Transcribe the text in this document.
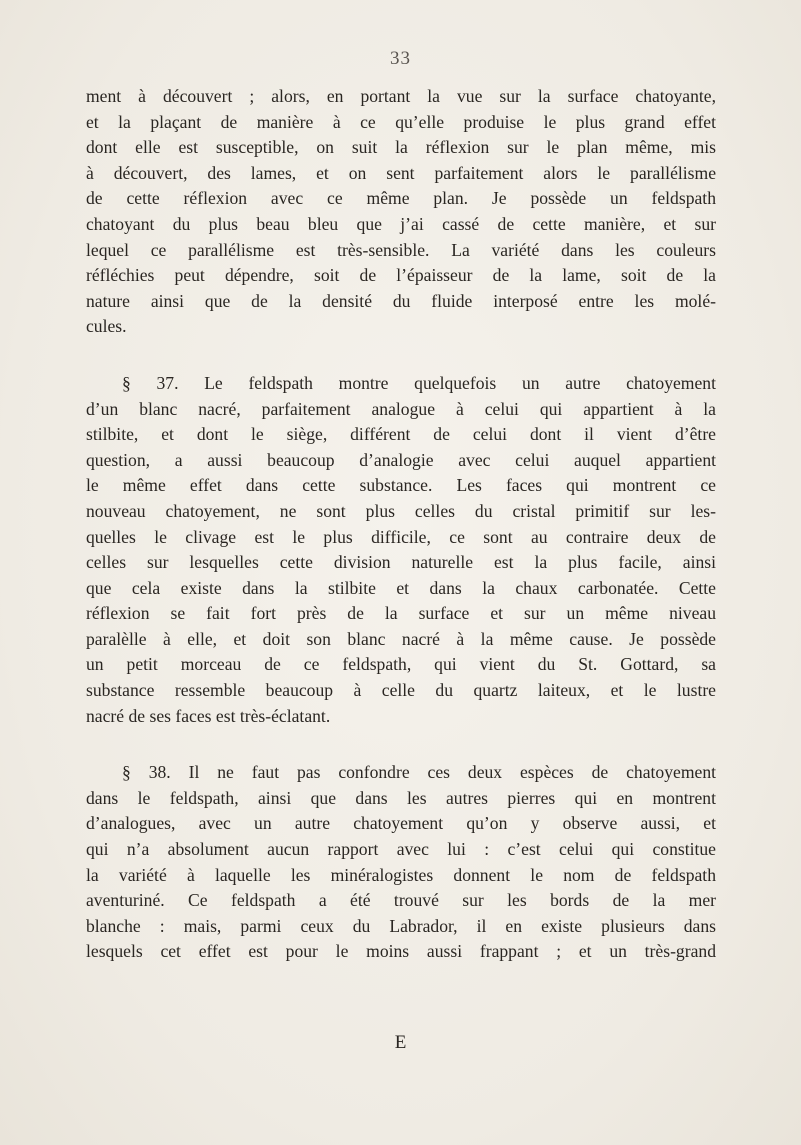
33
ment à découvert ; alors, en portant la vue sur la surface chatoyante,
et la plaçant de manière à ce qu’elle produise le plus grand effet
dont elle est susceptible, on suit la réflexion sur le plan même, mis
à découvert, des lames, et on sent parfaitement alors le parallélisme
de cette réflexion avec ce même plan. Je possède un feldspath
chatoyant du plus beau bleu que j’ai cassé de cette manière, et sur
lequel ce parallélisme est très-sensible. La variété dans les couleurs
réfléchies peut dépendre, soit de l’épaisseur de la lame, soit de la
nature ainsi que de la densité du fluide interposé entre les molé-
cules.
§ 37. Le feldspath montre quelquefois un autre chatoyement
d’un blanc nacré, parfaitement analogue à celui qui appartient à la
stilbite, et dont le siège, différent de celui dont il vient d’être
question, a aussi beaucoup d’analogie avec celui auquel appartient
le même effet dans cette substance. Les faces qui montrent ce
nouveau chatoyement, ne sont plus celles du cristal primitif sur les-
quelles le clivage est le plus difficile, ce sont au contraire deux de
celles sur lesquelles cette division naturelle est la plus facile, ainsi
que cela existe dans la stilbite et dans la chaux carbonatée. Cette
réflexion se fait fort près de la surface et sur un même niveau
paralèlle à elle, et doit son blanc nacré à la même cause. Je possède
un petit morceau de ce feldspath, qui vient du St. Gottard, sa
substance ressemble beaucoup à celle du quartz laiteux, et le lustre
nacré de ses faces est très-éclatant.
§ 38. Il ne faut pas confondre ces deux espèces de chatoyement
dans le feldspath, ainsi que dans les autres pierres qui en montrent
d’analogues, avec un autre chatoyement qu’on y observe aussi, et
qui n’a absolument aucun rapport avec lui : c’est celui qui constitue
la variété à laquelle les minéralogistes donnent le nom de feldspath
aventuriné. Ce feldspath a été trouvé sur les bords de la mer
blanche : mais, parmi ceux du Labrador, il en existe plusieurs dans
lesquels cet effet est pour le moins aussi frappant ; et un très-grand
E
